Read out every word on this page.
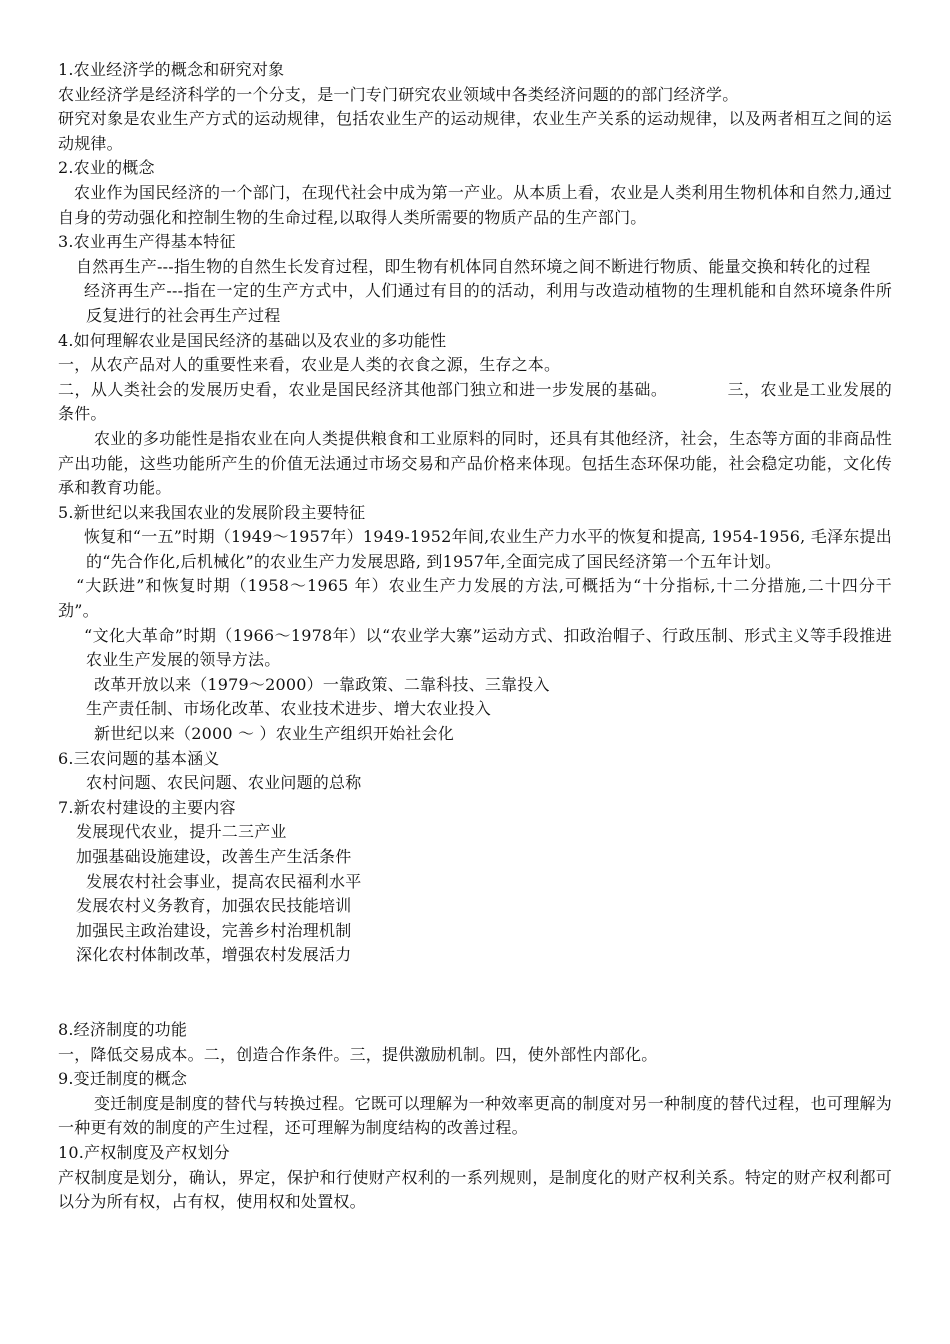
1.农业经济学的概念和研究对象
农业经济学是经济科学的一个分支，是一门专门研究农业领域中各类经济问题的的部门经济学。
研究对象是农业生产方式的运动规律，包括农业生产的运动规律，农业生产关系的运动规律，以及两者相互之间的运动规律。
2.农业的概念
农业作为国民经济的一个部门，在现代社会中成为第一产业。从本质上看，农业是人类利用生物机体和自然力,通过自身的劳动强化和控制生物的生命过程,以取得人类所需要的物质产品的生产部门。
3.农业再生产得基本特征
自然再生产---指生物的自然生长发育过程，即生物有机体同自然环境之间不断进行物质、能量交换和转化的过程
经济再生产---指在一定的生产方式中，人们通过有目的的活动，利用与改造动植物的生理机能和自然环境条件所反复进行的社会再生产过程
4.如何理解农业是国民经济的基础以及农业的多功能性
一，从农产品对人的重要性来看，农业是人类的衣食之源，生存之本。
二，从人类社会的发展历史看，农业是国民经济其他部门独立和进一步发展的基础。	三，农业是工业发展的条件。
农业的多功能性是指农业在向人类提供粮食和工业原料的同时，还具有其他经济，社会，生态等方面的非商品性产出功能，这些功能所产生的价值无法通过市场交易和产品价格来体现。包括生态环保功能，社会稳定功能，文化传承和教育功能。
5.新世纪以来我国农业的发展阶段主要特征
恢复和“一五”时期（1949～1957年）1949-1952年间,农业生产力水平的恢复和提高, 1954-1956, 毛泽东提出的“先合作化,后机械化”的农业生产力发展思路, 到1957年,全面完成了国民经济第一个五年计划。
“大跃进”和恢复时期（1958～1965 年）农业生产力发展的方法,可概括为“十分指标,十二分措施,二十四分干劲”。
“文化大革命”时期（1966～1978年）以“农业学大寨”运动方式、扣政治帽子、行政压制、形式主义等手段推进农业生产发展的领导方法。
改革开放以来（1979～2000）一靠政策、二靠科技、三靠投入
生产责任制、市场化改革、农业技术进步、增大农业投入
新世纪以来（2000 ～ ）农业生产组织开始社会化
6.三农问题的基本涵义
农村问题、农民问题、农业问题的总称
7.新农村建设的主要内容
发展现代农业，提升二三产业
加强基础设施建设，改善生产生活条件
发展农村社会事业，提高农民福利水平
发展农村义务教育，加强农民技能培训
加强民主政治建设，完善乡村治理机制
深化农村体制改革，增强农村发展活力
8.经济制度的功能
一，降低交易成本。二，创造合作条件。三，提供激励机制。四，使外部性内部化。
9.变迁制度的概念
变迁制度是制度的替代与转换过程。它既可以理解为一种效率更高的制度对另一种制度的替代过程，也可理解为一种更有效的制度的产生过程，还可理解为制度结构的改善过程。
10.产权制度及产权划分
产权制度是划分，确认，界定，保护和行使财产权利的一系列规则，是制度化的财产权利关系。特定的财产权利都可以分为所有权，占有权，使用权和处置权。
